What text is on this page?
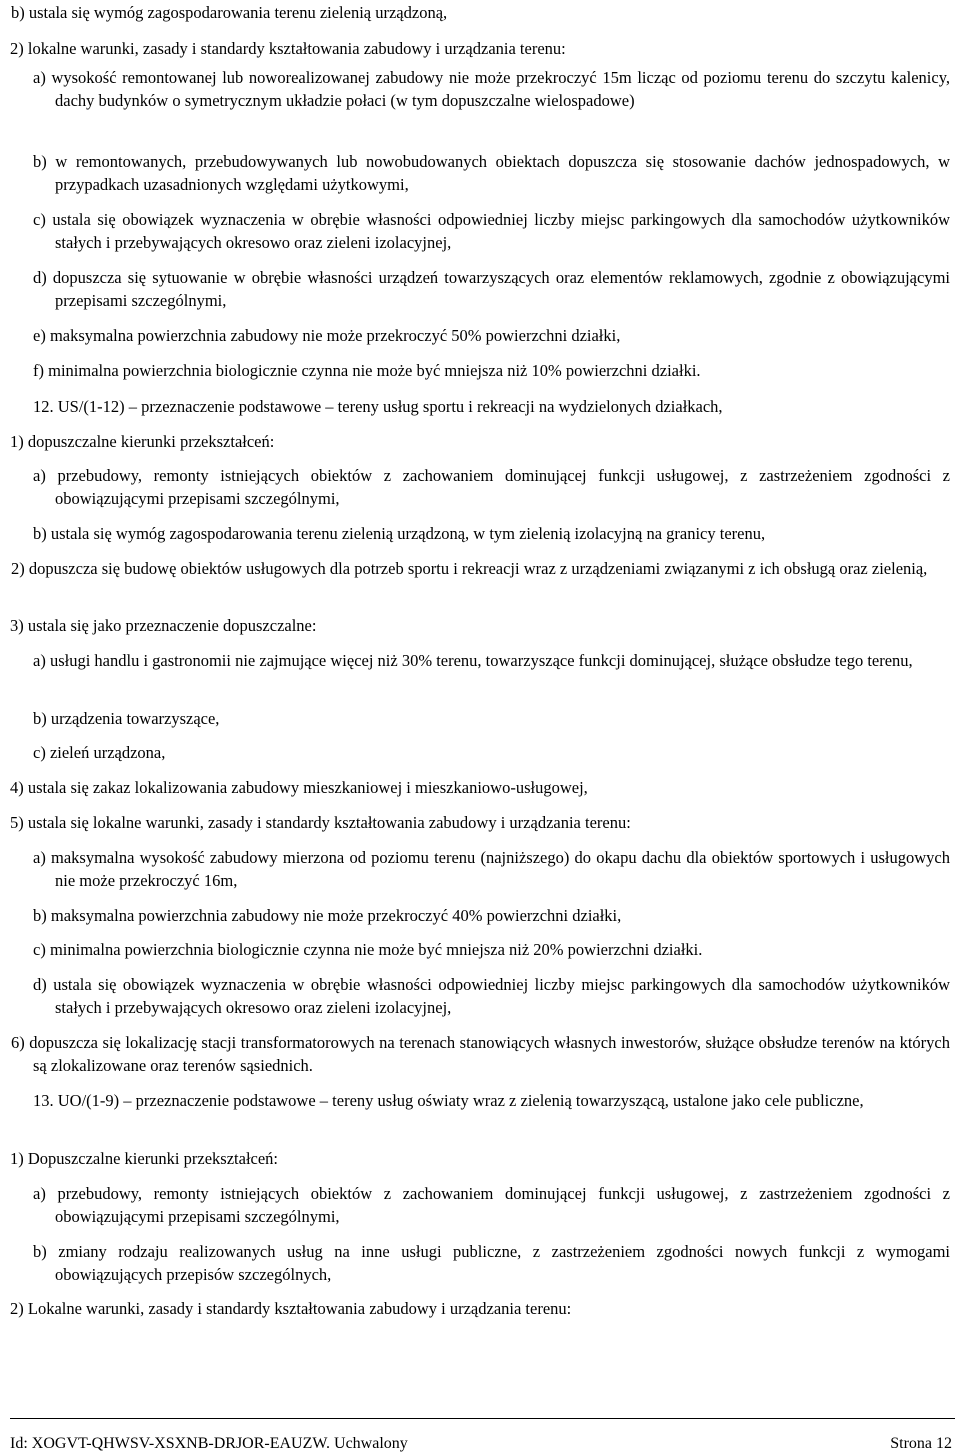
b) ustala się wymóg zagospodarowania terenu zielenią urządzoną,

2) lokalne warunki, zasady i standardy kształtowania zabudowy i urządzania terenu:

a) wysokość remontowanej lub noworealizowanej zabudowy nie może przekroczyć 15m licząc od poziomu terenu do szczytu kalenicy, dachy budynków o symetrycznym układzie połaci (w tym dopuszczalne wielospadowe)

b) w remontowanych, przebudowywanych lub nowobudowanych obiektach dopuszcza się stosowanie dachów jednospadowych, w przypadkach uzasadnionych względami użytkowymi,

c) ustala się obowiązek wyznaczenia w obrębie własności odpowiedniej liczby miejsc parkingowych dla samochodów użytkowników stałych i przebywających okresowo oraz zieleni izolacyjnej,

d) dopuszcza się sytuowanie w obrębie własności urządzeń towarzyszących oraz elementów reklamowych, zgodnie z obowiązującymi przepisami szczególnymi,

e) maksymalna powierzchnia zabudowy nie może przekroczyć 50% powierzchni działki,

f) minimalna powierzchnia biologicznie czynna nie może być mniejsza niż 10% powierzchni działki.

12. US/(1-12) – przeznaczenie podstawowe – tereny usług sportu i rekreacji na wydzielonych działkach,

1) dopuszczalne kierunki przekształceń:

a) przebudowy, remonty istniejących obiektów z zachowaniem dominującej funkcji usługowej, z zastrzeżeniem zgodności z obowiązującymi przepisami szczególnymi,

b) ustala się wymóg zagospodarowania terenu zielenią urządzoną, w tym zielenią izolacyjną na granicy terenu,

2) dopuszcza się budowę obiektów usługowych dla potrzeb sportu i rekreacji wraz z urządzeniami związanymi z ich obsługą oraz zielenią,

3) ustala się jako przeznaczenie dopuszczalne:

a) usługi handlu i gastronomii nie zajmujące więcej niż 30% terenu, towarzyszące funkcji dominującej, służące obsłudze tego terenu,

b) urządzenia towarzyszące,

c) zieleń urządzona,

4) ustala się zakaz lokalizowania zabudowy mieszkaniowej i mieszkaniowo-usługowej,

5) ustala się lokalne warunki, zasady i standardy kształtowania zabudowy i urządzania terenu:

a) maksymalna wysokość zabudowy mierzona od poziomu terenu (najniższego) do okapu dachu dla obiektów sportowych i usługowych nie może przekroczyć 16m,

b) maksymalna powierzchnia zabudowy nie może przekroczyć 40% powierzchni działki,

c) minimalna powierzchnia biologicznie czynna nie może być mniejsza niż 20% powierzchni działki.

d) ustala się obowiązek wyznaczenia w obrębie własności odpowiedniej liczby miejsc parkingowych dla samochodów użytkowników stałych i przebywających okresowo oraz zieleni izolacyjnej,

6) dopuszcza się lokalizację stacji transformatorowych na terenach stanowiących własnych inwestorów, służące obsłudze terenów na których są zlokalizowane oraz terenów sąsiednich.

13. UO/(1-9) – przeznaczenie podstawowe – tereny usług oświaty wraz z zielenią towarzyszącą, ustalone jako cele publiczne,

1) Dopuszczalne kierunki przekształceń:

a) przebudowy, remonty istniejących obiektów z zachowaniem dominującej funkcji usługowej, z zastrzeżeniem zgodności z obowiązującymi przepisami szczególnymi,

b) zmiany rodzaju realizowanych usług na inne usługi publiczne, z zastrzeżeniem zgodności nowych funkcji z wymogami obowiązujących przepisów szczególnych,

2) Lokalne warunki, zasady i standardy kształtowania zabudowy i urządzania terenu:

Id: XOGVT-QHWSV-XSXNB-DRJOR-EAUZW. Uchwalony	Strona 12
